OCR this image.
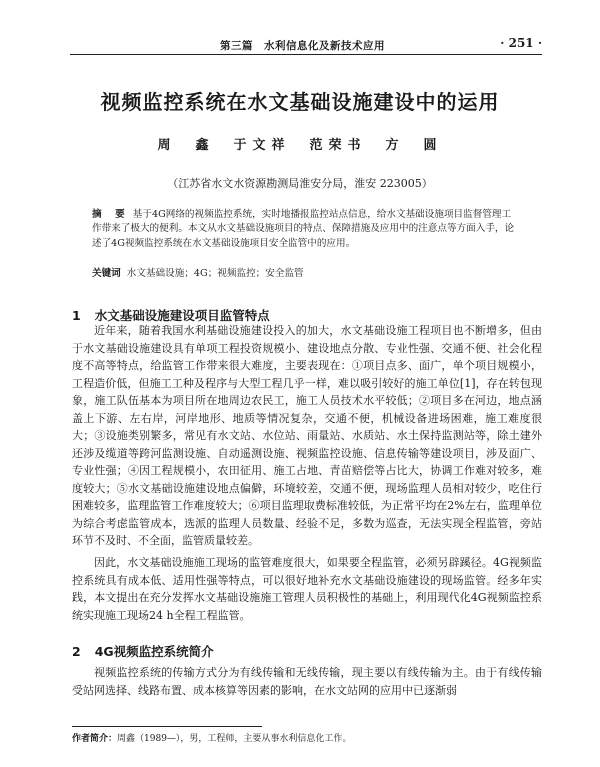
第三篇　水利信息化及新技术应用	· 251 ·
视频监控系统在水文基础设施建设中的运用
周　鑫　于文祥　范荣书　方　圆
（江苏省水文水资源勘测局淮安分局，淮安 223005）
摘　要 基于4G网络的视频监控系统，实时地播报监控站点信息，给水文基础设施项目监督管理工作带来了极大的便利。本文从水文基础设施项目的特点、保障措施及应用中的注意点等方面入手，论述了4G视频监控系统在水文基础设施项目安全监管中的应用。
关键词 水文基础设施；4G；视频监控；安全监管
1 水文基础设施建设项目监管特点

近年来，随着我国水利基础设施建设投入的加大，水文基础设施工程项目也不断增多，但由于水文基础设施建设具有单项工程投资规模小、建设地点分散、专业性强、交通不便、社会化程度不高等特点，给监管工作带来很大难度，主要表现在：①项目点多、面广，单个项目规模小，工程造价低，但施工工种及程序与大型工程几乎一样，难以吸引较好的施工单位[1]，存在转包现象，施工队伍基本为项目所在地周边农民工，施工人员技术水平较低；②项目多在河边，地点涵盖上下游、左右岸，河岸地形、地质等情况复杂，交通不便，机械设备进场困难，施工难度很大；③设施类别繁多，常见有水文站、水位站、雨量站、水质站、水土保持监测站等，除土建外还涉及缆道等跨河监测设施、自动遥测设施、视频监控设施、信息传输等建设项目，涉及面广、专业性强；④因工程规模小，农田征用、施工占地、青苗赔偿等占比大，协调工作难对较多，难度较大；⑤水文基础设施建设地点偏僻，环境较差，交通不便，现场监理人员相对较少，吃住行困难较多，监理监管工作难度较大；⑥项目监理取费标准较低，为正常平均在2%左右，监理单位为综合考虑监管成本，选派的监理人员数量、经验不足，多数为巡查，无法实现全程监管，旁站环节不及时、不全面，监管质量较差。

因此，水文基础设施施工现场的监管难度很大，如果要全程监管，必须另辟蹊径。4G视频监控系统具有成本低、适用性强等特点，可以很好地补充水文基础设施建设的现场监管。经多年实践，本文提出在充分发挥水文基础设施施工管理人员积极性的基础上，利用现代化4G视频监控系统实现施工现场24 h全程工程监管。

2 4G视频监控系统简介

视频监控系统的传输方式分为有线传输和无线传输，现主要以有线传输为主。由于有线传输受站网选择、线路布置、成本核算等因素的影响，在水文站网的应用中已逐渐弱

作者简介：周鑫（1989—），男，工程师，主要从事水利信息化工作。
